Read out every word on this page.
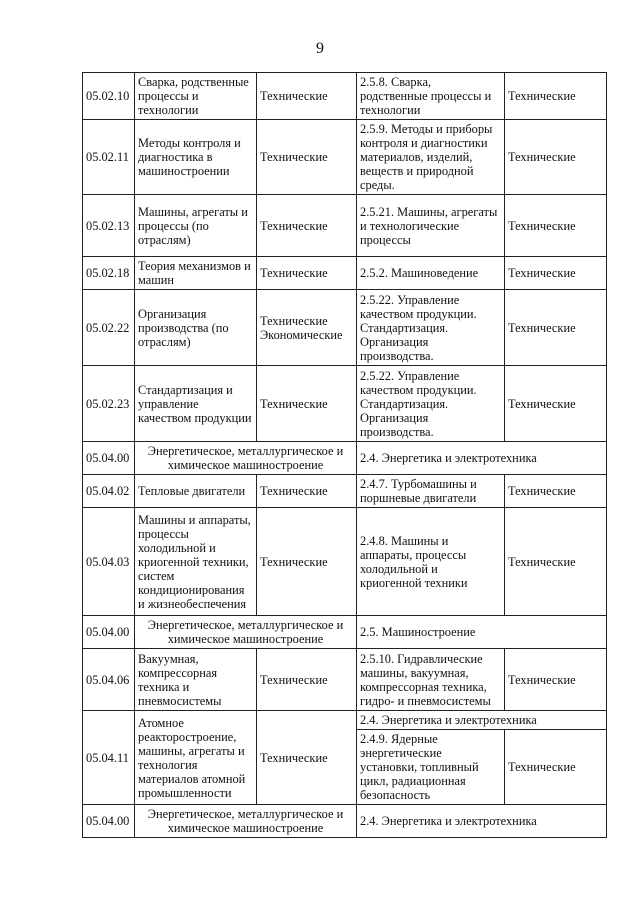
9
05.02.10	Сварка, родственные процессы и технологии	Технические	2.5.8. Сварка, родственные процессы и технологии	Технические
05.02.11	Методы контроля и диагностика в машиностроении	Технические	2.5.9. Методы и приборы контроля и диагностики материалов, изделий, веществ и природной среды.	Технические
05.02.13	Машины, агрегаты и процессы (по отраслям)	Технические	2.5.21. Машины, агрегаты и технологические процессы	Технические
05.02.18	Теория механизмов и машин	Технические	2.5.2. Машиноведение	Технические
05.02.22	Организация производства (по отраслям)	Технические Экономические	2.5.22. Управление качеством продукции. Стандартизация. Организация производства.	Технические
05.02.23	Стандартизация и управление качеством продукции	Технические	2.5.22. Управление качеством продукции. Стандартизация. Организация производства.	Технические
05.04.00	Энергетическое, металлургическое и химическое машиностроение		2.4. Энергетика и электротехника	
05.04.02	Тепловые двигатели	Технические	2.4.7. Турбомашины и поршневые двигатели	Технические
05.04.03	Машины и аппараты, процессы холодильной и криогенной техники, систем кондиционирования и жизнеобеспечения	Технические	2.4.8. Машины и аппараты, процессы холодильной и криогенной техники	Технические
05.04.00	Энергетическое, металлургическое и химическое машиностроение		2.5. Машиностроение	
05.04.06	Вакуумная, компрессорная техника и пневмосистемы	Технические	2.5.10. Гидравлические машины, вакуумная, компрессорная техника, гидро- и пневмосистемы	Технические
05.04.11	Атомное реакторостроение, машины, агрегаты и технология материалов атомной промышленности	Технические	2.4. Энергетика и электротехника	
			2.4.9. Ядерные энергетические установки, топливный цикл, радиационная безопасность	Технические
05.04.00	Энергетическое, металлургическое и химическое машиностроение		2.4. Энергетика и электротехника	
